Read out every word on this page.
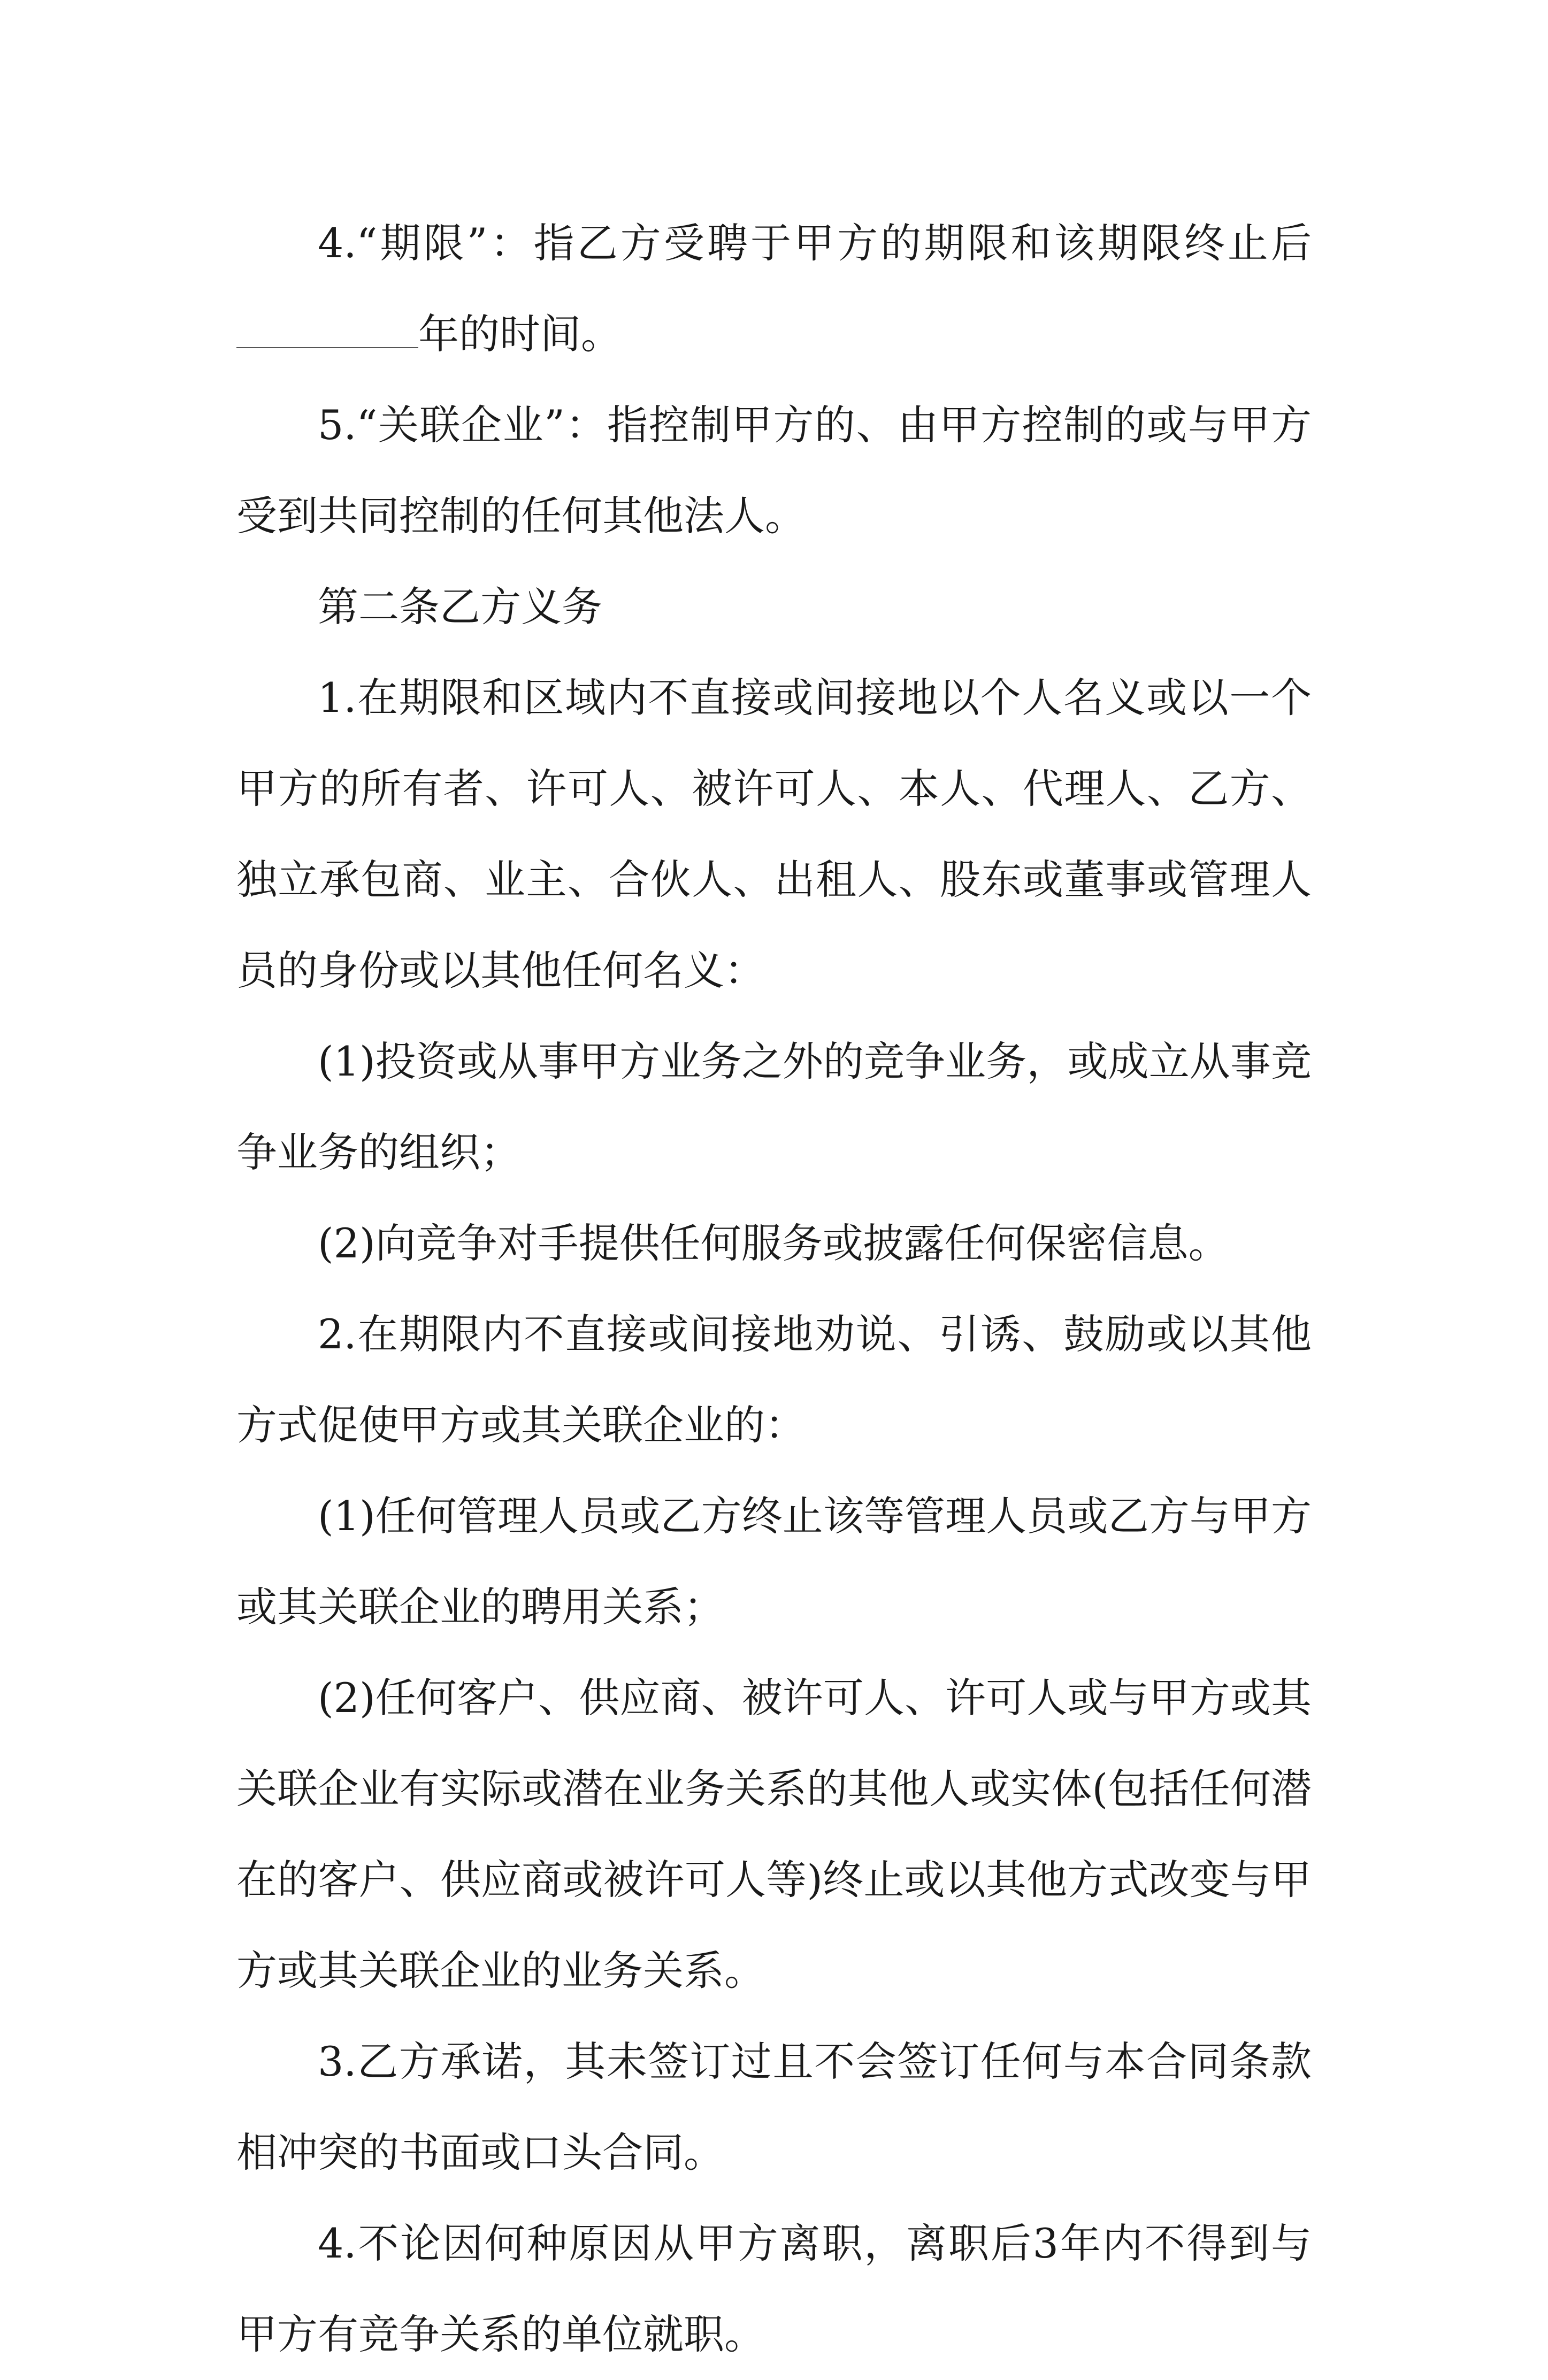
4.“期限”：指乙方受聘于甲方的期限和该期限终止后年的时间。

5.“关联企业”：指控制甲方的、由甲方控制的或与甲方受到共同控制的任何其他法人。

第二条乙方义务

1.在期限和区域内不直接或间接地以个人名义或以一个甲方的所有者、许可人、被许可人、本人、代理人、乙方、独立承包商、业主、合伙人、出租人、股东或董事或管理人员的身份或以其他任何名义：

(1)投资或从事甲方业务之外的竞争业务，或成立从事竞争业务的组织；

(2)向竞争对手提供任何服务或披露任何保密信息。

2.在期限内不直接或间接地劝说、引诱、鼓励或以其他方式促使甲方或其关联企业的：

(1)任何管理人员或乙方终止该等管理人员或乙方与甲方或其关联企业的聘用关系；

(2)任何客户、供应商、被许可人、许可人或与甲方或其关联企业有实际或潜在业务关系的其他人或实体(包括任何潜在的客户、供应商或被许可人等)终止或以其他方式改变与甲方或其关联企业的业务关系。

3.乙方承诺，其未签订过且不会签订任何与本合同条款相冲突的书面或口头合同。

4.不论因何种原因从甲方离职，离职后3年内不得到与甲方有竞争关系的单位就职。
